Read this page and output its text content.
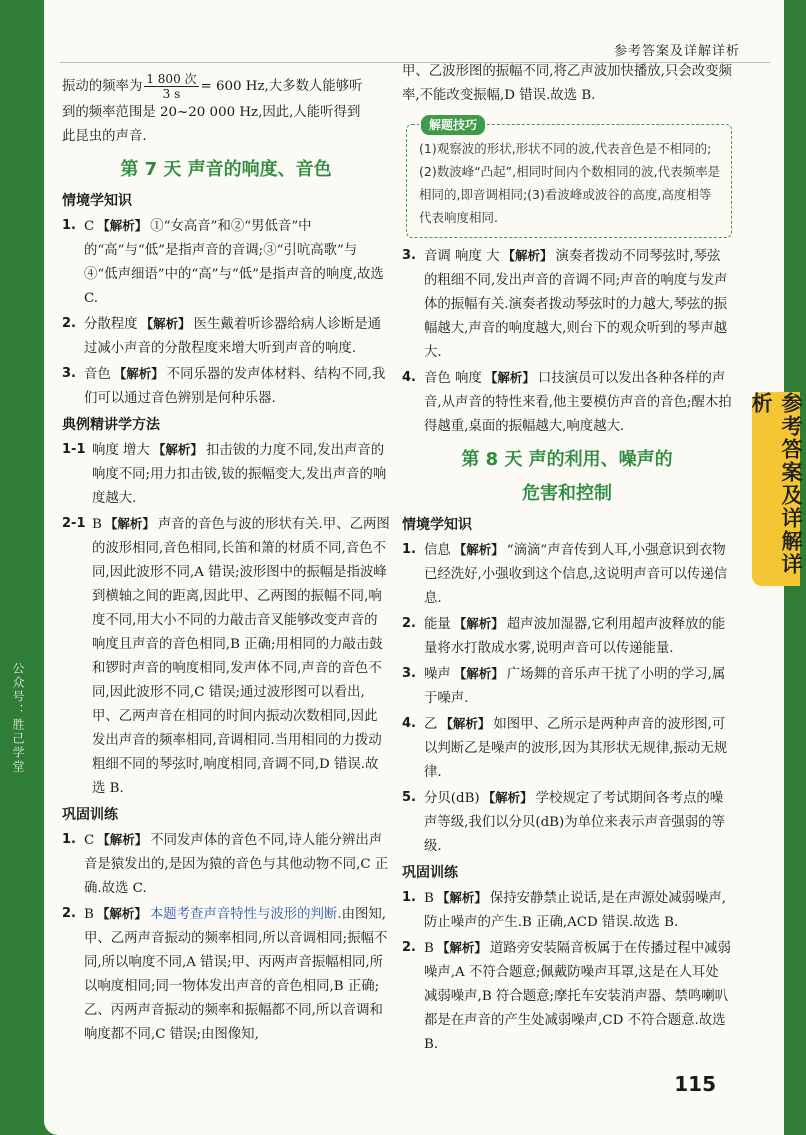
参考答案及详解详析
参考答案及详解详析
公众号：胜己学堂

振动的频率为 $\frac{\text{1 800 次}}{3 s} = 600$ Hz,大多数人能够听

到的频率范围是 20~20 000 Hz,因此,人能听得到

此昆虫的声音.

第 7 天 声音的响度、音色
情境学知识
1. C 【解析】 ①“女高音”和②“男低音”中的“高”与“低”是指声音的音调;③“引吭高歌”与④“低声细语”中的“高”与“低”是指声音的响度,故选 C.
2. 分散程度 【解析】 医生戴着听诊器给病人诊断是通过减小声音的分散程度来增大听到声音的响度.
3. 音色 【解析】 不同乐器的发声体材料、结构不同,我们可以通过音色辨别是何种乐器.
典例精讲学方法
1-1 响度 增大 【解析】 扣击钹的力度不同,发出声音的响度不同;用力扣击钹,钹的振幅变大,发出声音的响度越大.
2-1 B 【解析】 声音的音色与波的形状有关.甲、乙两图的波形相同,音色相同,长笛和箫的材质不同,音色不同,因此波形不同,A 错误;波形图中的振幅是指波峰到横轴之间的距离,因此甲、乙两图的振幅不同,响度不同,用大小不同的力敲击音叉能够改变声音的响度且声音的音色相同,B 正确;用相同的力敲击鼓和锣时声音的响度相同,发声体不同,声音的音色不同,因此波形不同,C 错误;通过波形图可以看出,甲、乙两声音在相同的时间内振动次数相同,因此发出声音的频率相同,音调相同.当用相同的力拨动粗细不同的琴弦时,响度相同,音调不同,D 错误.故选 B.
巩固训练
1. C 【解析】 不同发声体的音色不同,诗人能分辨出声音是猿发出的,是因为猿的音色与其他动物不同,C 正确.故选 C.
2. B 【解析】 本题考查声音特性与波形的判断.由图知,甲、乙两声音振动的频率相同,所以音调相同;振幅不同,所以响度不同,A 错误;甲、丙两声音振幅相同,所以响度相同;同一物体发出声音的音色相同,B 正确;乙、丙两声音振动的频率和振幅都不同,所以音调和响度都不同,C 错误;由图像知,

甲、乙波形图的振幅不同,将乙声波加快播放,只会改变频率,不能改变振幅,D 错误.故选 B.

解题技巧

(1)观察波的形状,形状不同的波,代表音色是不相同的;(2)数波峰“凸起”,相同时间内个数相同的波,代表频率是相同的,即音调相同;(3)看波峰或波谷的高度,高度相等代表响度相同.

3. 音调 响度 大 【解析】 演奏者拨动不同琴弦时,琴弦的粗细不同,发出声音的音调不同;声音的响度与发声体的振幅有关.演奏者拨动琴弦时的力越大,琴弦的振幅越大,声音的响度越大,则台下的观众听到的琴声越大.
4. 音色 响度 【解析】 口技演员可以发出各种各样的声音,从声音的特性来看,他主要模仿声音的音色;醒木拍得越重,桌面的振幅越大,响度越大.
第 8 天 声的利用、噪声的
危害和控制
情境学知识
1. 信息 【解析】 “滴滴”声音传到人耳,小强意识到衣物已经洗好,小强收到这个信息,这说明声音可以传递信息.
2. 能量 【解析】 超声波加湿器,它利用超声波释放的能量将水打散成水雾,说明声音可以传递能量.
3. 噪声 【解析】 广场舞的音乐声干扰了小明的学习,属于噪声.
4. 乙 【解析】 如图甲、乙所示是两种声音的波形图,可以判断乙是噪声的波形,因为其形状无规律,振动无规律.
5. 分贝(dB) 【解析】 学校规定了考试期间各考点的噪声等级,我们以分贝(dB)为单位来表示声音强弱的等级.
巩固训练
1. B 【解析】 保持安静禁止说话,是在声源处减弱噪声,防止噪声的产生.B 正确,ACD 错误.故选 B.
2. B 【解析】 道路旁安装隔音板属于在传播过程中减弱噪声,A 不符合题意;佩戴防噪声耳罩,这是在人耳处减弱噪声,B 符合题意;摩托车安装消声器、禁鸣喇叭都是在声音的产生处减弱噪声,CD 不符合题意.故选 B.
115
